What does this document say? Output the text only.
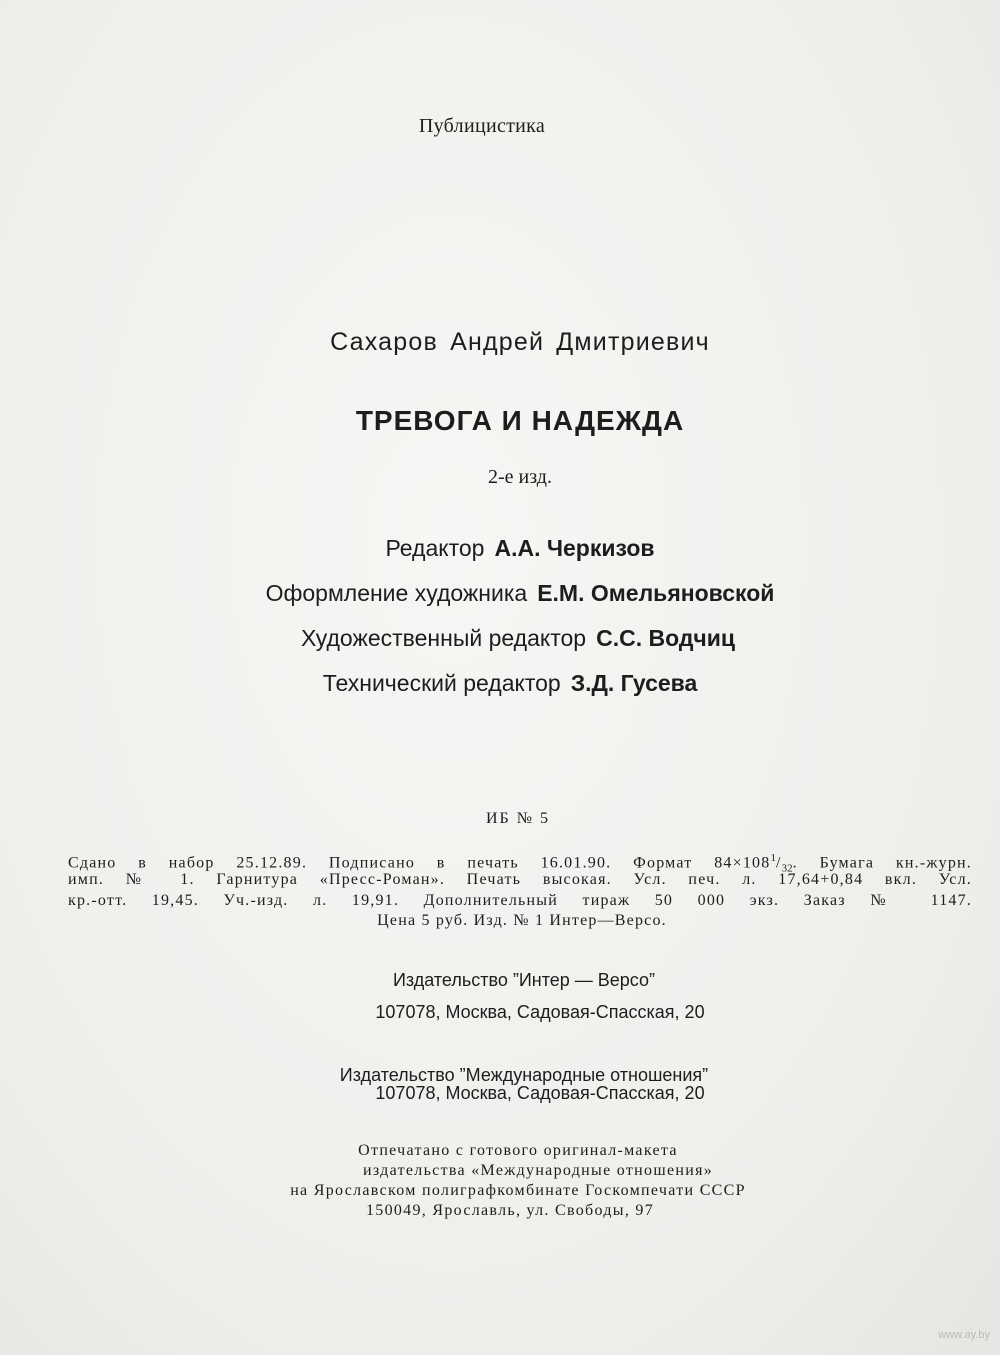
Публицистика
Сахаров Андрей Дмитриевич
ТРЕВОГА И НАДЕЖДА
2-е изд.
Редактор А.А. Черкизов
Оформление художника Е.М. Омельяновской
Художественный редактор С.С. Водчиц
Технический редактор З.Д. Гусева
ИБ № 5
Сдано в набор 25.12.89. Подписано в печать 16.01.90. Формат $84\times 108^1/_{32}$. Бумага кн.-журн.
имп. № 1. Гарнитура «Пресс-Роман». Печать высокая. Усл. печ. л. 17,64+0,84 вкл. Усл.
кр.-отт. 19,45. Уч.-изд. л. 19,91. Дополнительный тираж 50 000 экз. Заказ № 1147.
Цена 5 руб. Изд. № 1 Интер—Версо.
Издательство ”Интер — Версо”
107078, Москва, Садовая-Спасская, 20
Издательство ”Международные отношения”
107078, Москва, Садовая-Спасская, 20
Отпечатано с готового оригинал-макета
издательства «Международные отношения»
на Ярославском полиграфкомбинате Госкомпечати СССР
150049, Ярославль, ул. Свободы, 97
www.ay.by
